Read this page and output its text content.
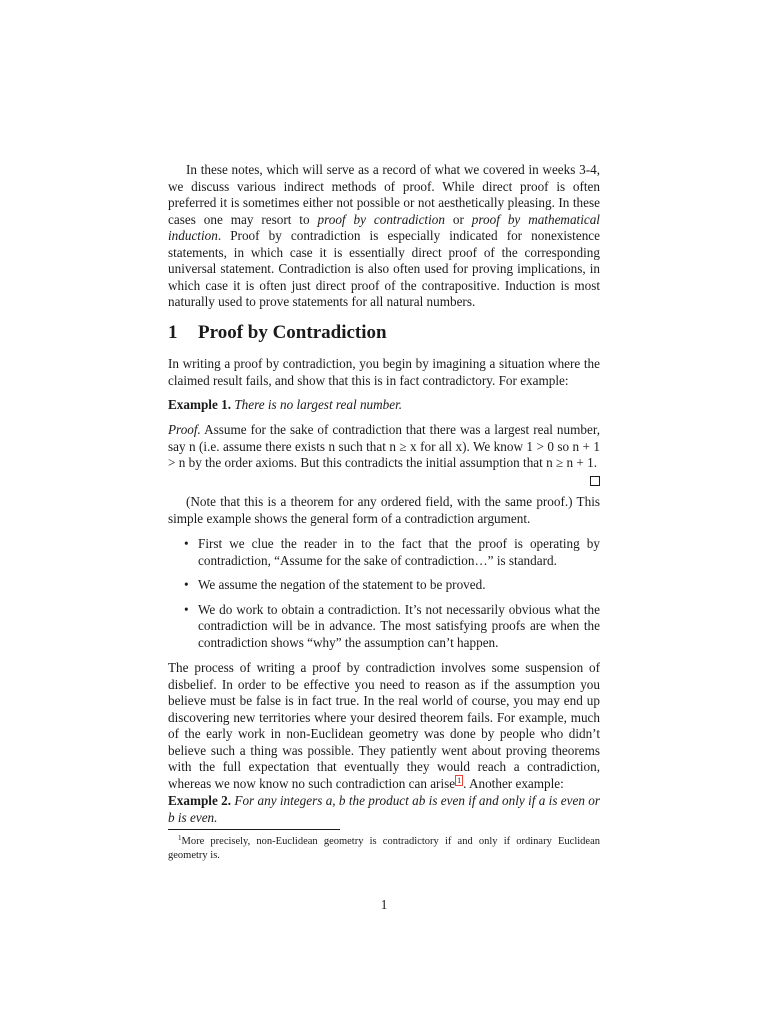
In these notes, which will serve as a record of what we covered in weeks 3-4, we discuss various indirect methods of proof. While direct proof is often preferred it is sometimes either not possible or not aesthetically pleasing. In these cases one may resort to proof by contradiction or proof by mathematical induction. Proof by contradiction is especially indicated for nonexistence statements, in which case it is essentially direct proof of the corresponding universal statement. Contradiction is also often used for proving implications, in which case it is often just direct proof of the contrapositive. Induction is most naturally used to prove statements for all natural numbers.

1 Proof by Contradiction

In writing a proof by contradiction, you begin by imagining a situation where the claimed result fails, and show that this is in fact contradictory. For example:

Example 1. There is no largest real number.

Proof. Assume for the sake of contradiction that there was a largest real number, say n (i.e. assume there exists n such that n ≥ x for all x). We know 1 > 0 so n + 1 > n by the order axioms. But this contradicts the initial assumption that n ≥ n + 1.

(Note that this is a theorem for any ordered field, with the same proof.) This simple example shows the general form of a contradiction argument.

• First we clue the reader in to the fact that the proof is operating by contradiction, “Assume for the sake of contradiction…” is standard.
• We assume the negation of the statement to be proved.
• We do work to obtain a contradiction. It’s not necessarily obvious what the contradiction will be in advance. The most satisfying proofs are when the contradiction shows “why” the assumption can’t happen.

The process of writing a proof by contradiction involves some suspension of disbelief. In order to be effective you need to reason as if the assumption you believe must be false is in fact true. In the real world of course, you may end up discovering new territories where your desired theorem fails. For example, much of the early work in non-Euclidean geometry was done by people who didn’t believe such a thing was possible. They patiently went about proving theorems with the full expectation that eventually they would reach a contradiction, whereas we now know no such contradiction can arise $^1$ . Another example:

Example 2. For any integers a, b the product ab is even if and only if a is even or b is even.

$^1$More precisely, non-Euclidean geometry is contradictory if and only if ordinary Euclidean geometry is.
1
